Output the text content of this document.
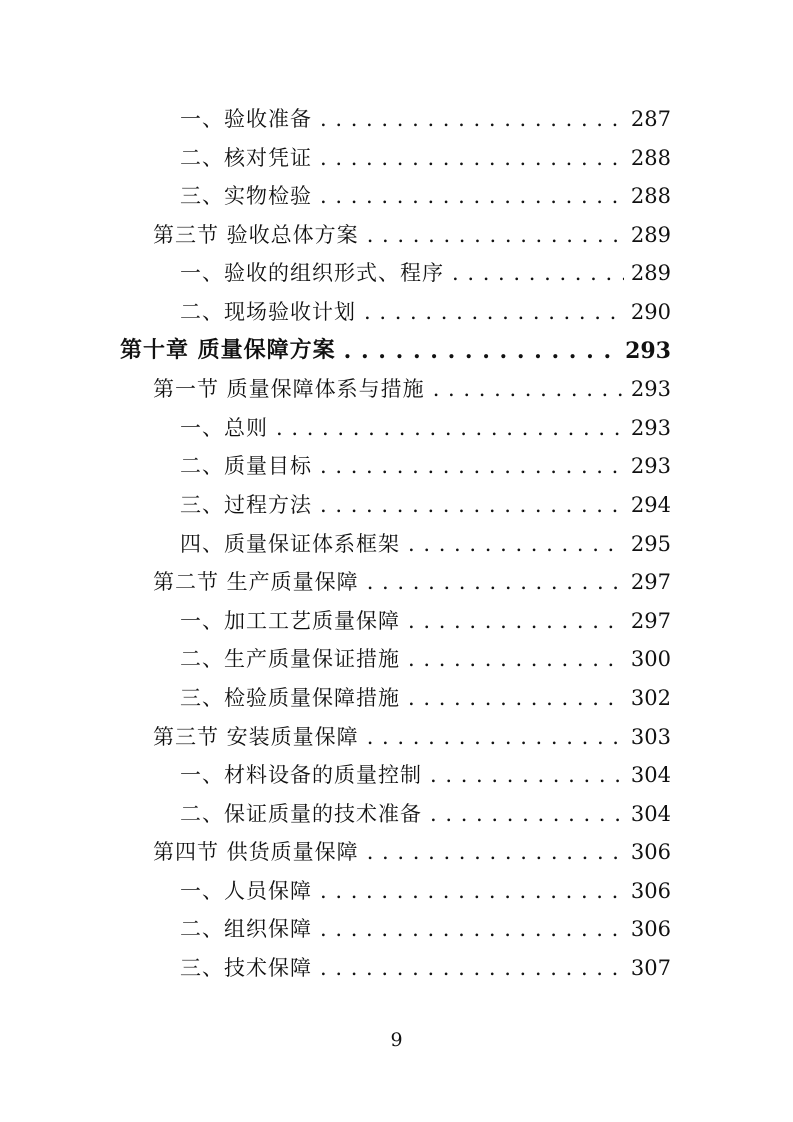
一、验收准备 . . .	287
二、核对凭证 . . .	288
三、实物检验 . . .	288
第三节 验收总体方案 . . .	289
一、验收的组织形式、程序 . . .	289
二、现场验收计划 . . .	290
第十章 质量保障方案 . . .	293
第一节 质量保障体系与措施 . . .	293
一、总则 . . .	293
二、质量目标 . . .	293
三、过程方法 . . .	294
四、质量保证体系框架 . . .	295
第二节 生产质量保障 . . .	297
一、加工工艺质量保障 . . .	297
二、生产质量保证措施 . . .	300
三、检验质量保障措施 . . .	302
第三节 安装质量保障 . . .	303
一、材料设备的质量控制 . . .	304
二、保证质量的技术准备 . . .	304
第四节 供货质量保障 . . .	306
一、人员保障 . . .	306
二、组织保障 . . .	306
三、技术保障 . . .	307
9
